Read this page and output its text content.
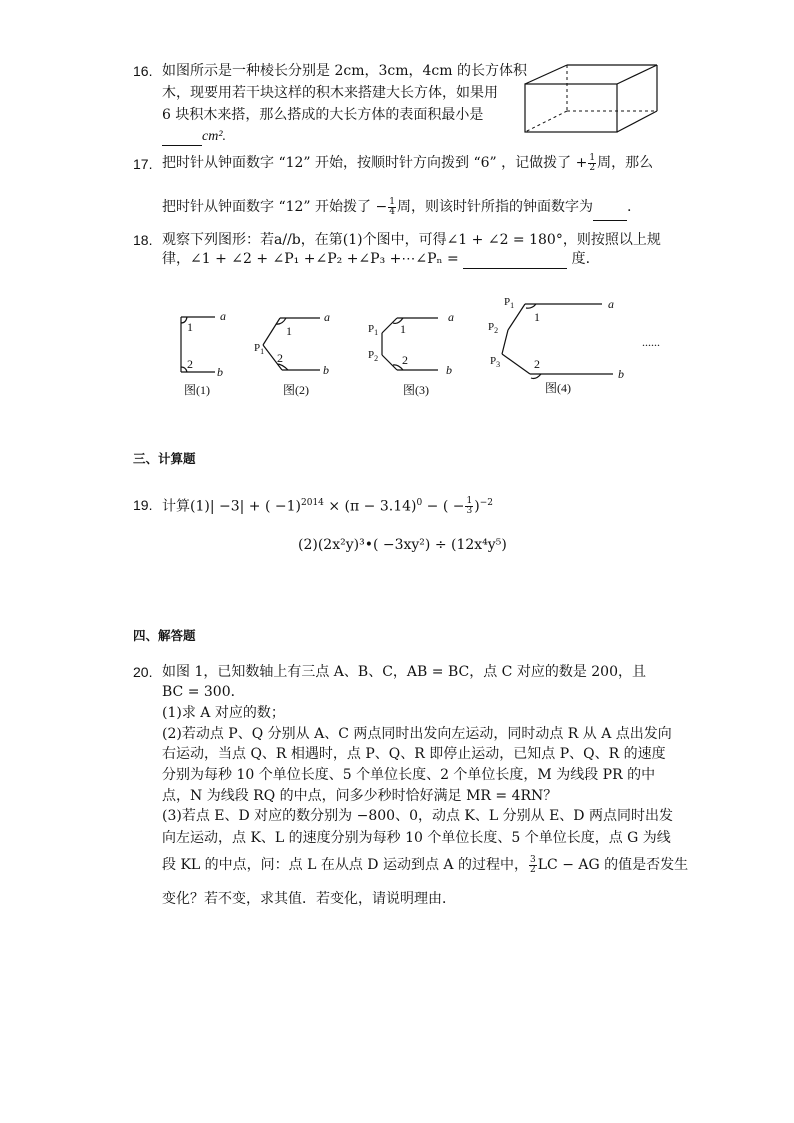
16. 如图所示是一种棱长分别是 2cm，3cm，4cm 的长方体积
木，现要用若干块这样的积木来搭建大长方体，如果用
6 块积木来搭，那么搭成的大长方体的表面积最小是
cm².
17. 把时针从钟面数字 “12” 开始，按顺时针方向拨到 “6” ，记做拨了 + $\frac{1}{2}$ 周，那么
把时针从钟面数字 “12” 开始拨了 − $\frac{1}{4}$ 周，则该时针所指的钟面数字为 .
18. 观察下列图形：若a//b，在第(1)个图中，可得∠1 + ∠2 = 180°，则按照以上规
律，∠1 + ∠2 + ∠P₁ +∠P₂ +∠P₃ +⋯∠Pₙ =	度.
a
1
2
b
a
1
2
b
$P_1$
a
1
2
b
$P_1$
$P_2$
a
1
2
b
$P_1$
$P_2$
$P_3$
......
图(1)	图(2)	图(3)	图(4)
三、计算题
19. 计算(1)| −3| + ( $-1)^{2014} \times (\pi - 3.14)^0$ − ( − $\frac{1}{3} )^{-2}$
(2)(2x²y)³•( −3xy²) ÷ (12x⁴y⁵)
四、解答题
20. 如图 1，已知数轴上有三点 A、B、C，AB = BC，点 C 对应的数是 200，且
BC = 300．
(1)求 A 对应的数；
(2)若动点 P、Q 分别从 A、C 两点同时出发向左运动，同时动点 R 从 A 点出发向
右运动，当点 Q、R 相遇时，点 P、Q、R 即停止运动，已知点 P、Q、R 的速度
分别为每秒 10 个单位长度、5 个单位长度、2 个单位长度，M 为线段 PR 的中
点，N 为线段 RQ 的中点，问多少秒时恰好满足 MR = 4RN？
(3)若点 E、D 对应的数分别为 −800、0，动点 K、L 分别从 E、D 两点同时出发
向左运动，点 K、L 的速度分别为每秒 10 个单位长度、5 个单位长度，点 G 为线
段 KL 的中点，问：点 L 在从点 D 运动到点 A 的过程中， $\frac{3}{2}$ LC − AG 的值是否发生
变化？若不变，求其值．若变化，请说明理由．
